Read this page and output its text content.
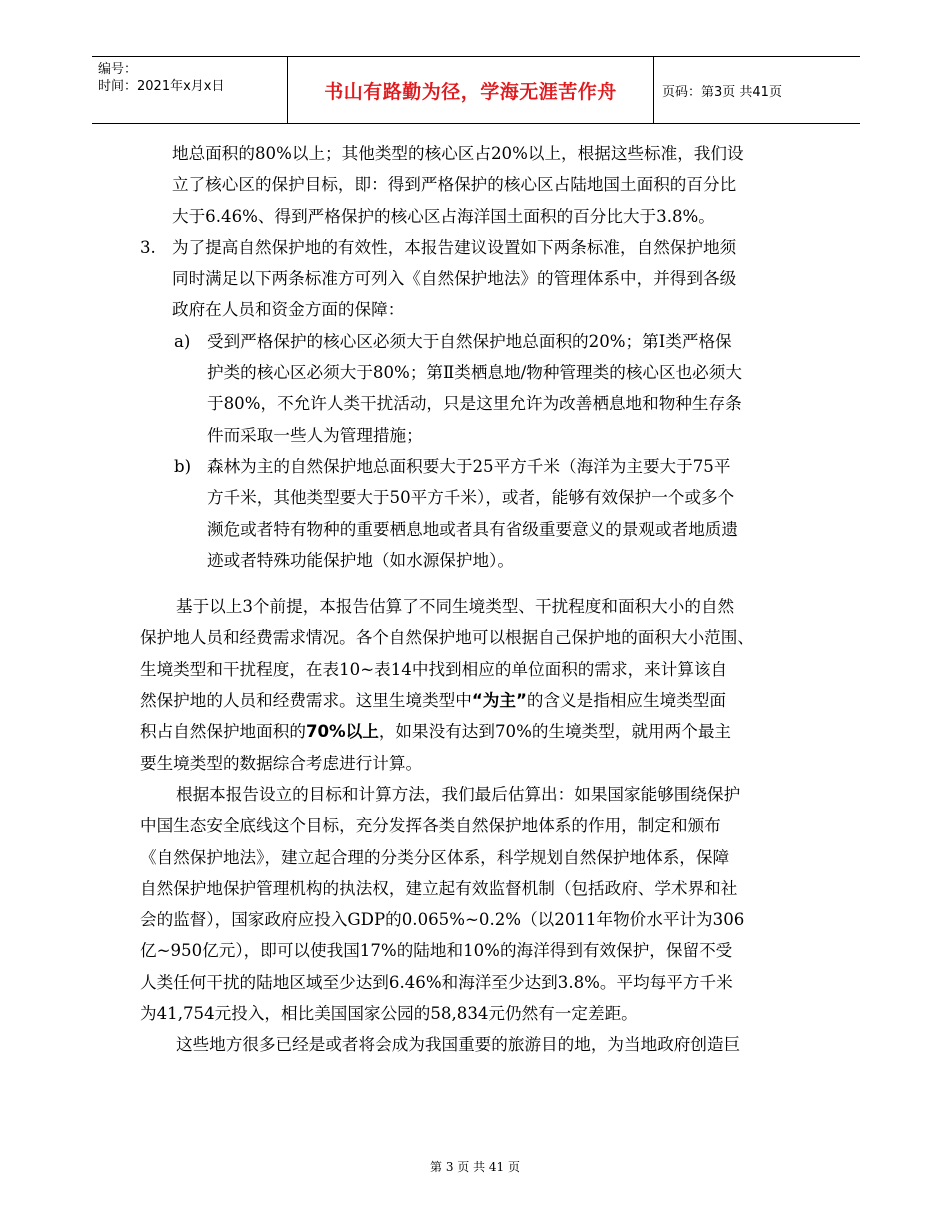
编号：
时间：2021年x月x日	书山有路勤为径，学海无涯苦作舟	页码：第3页 共41页
地总面积的80%以上；其他类型的核心区占20%以上，根据这些标准，我们设
立了核心区的保护目标，即：得到严格保护的核心区占陆地国土面积的百分比
大于6.46%、得到严格保护的核心区占海洋国土面积的百分比大于3.8%。
3. 为了提高自然保护地的有效性，本报告建议设置如下两条标准，自然保护地须
同时满足以下两条标准方可列入《自然保护地法》的管理体系中，并得到各级
政府在人员和资金方面的保障：
a) 受到严格保护的核心区必须大于自然保护地总面积的20%；第Ⅰ类严格保
护类的核心区必须大于80%；第Ⅱ类栖息地/物种管理类的核心区也必须大
于80%，不允许人类干扰活动，只是这里允许为改善栖息地和物种生存条
件而采取一些人为管理措施；
b) 森林为主的自然保护地总面积要大于25平方千米（海洋为主要大于75平
方千米，其他类型要大于50平方千米），或者，能够有效保护一个或多个
濒危或者特有物种的重要栖息地或者具有省级重要意义的景观或者地质遗
迹或者特殊功能保护地（如水源保护地）。
基于以上3个前提，本报告估算了不同生境类型、干扰程度和面积大小的自然
保护地人员和经费需求情况。各个自然保护地可以根据自己保护地的面积大小范围、
生境类型和干扰程度，在表10~表14中找到相应的单位面积的需求，来计算该自
然保护地的人员和经费需求。这里生境类型中“为主”的含义是指相应生境类型面
积占自然保护地面积的70%以上，如果没有达到70%的生境类型，就用两个最主
要生境类型的数据综合考虑进行计算。
根据本报告设立的目标和计算方法，我们最后估算出：如果国家能够围绕保护
中国生态安全底线这个目标，充分发挥各类自然保护地体系的作用，制定和颁布
《自然保护地法》，建立起合理的分类分区体系，科学规划自然保护地体系，保障
自然保护地保护管理机构的执法权，建立起有效监督机制（包括政府、学术界和社
会的监督），国家政府应投入GDP的0.065%~0.2%（以2011年物价水平计为306
亿~950亿元），即可以使我国17%的陆地和10%的海洋得到有效保护，保留不受
人类任何干扰的陆地区域至少达到6.46%和海洋至少达到3.8%。平均每平方千米
为41,754元投入，相比美国国家公园的58,834元仍然有一定差距。
这些地方很多已经是或者将会成为我国重要的旅游目的地，为当地政府创造巨
第 3 页 共 41 页
